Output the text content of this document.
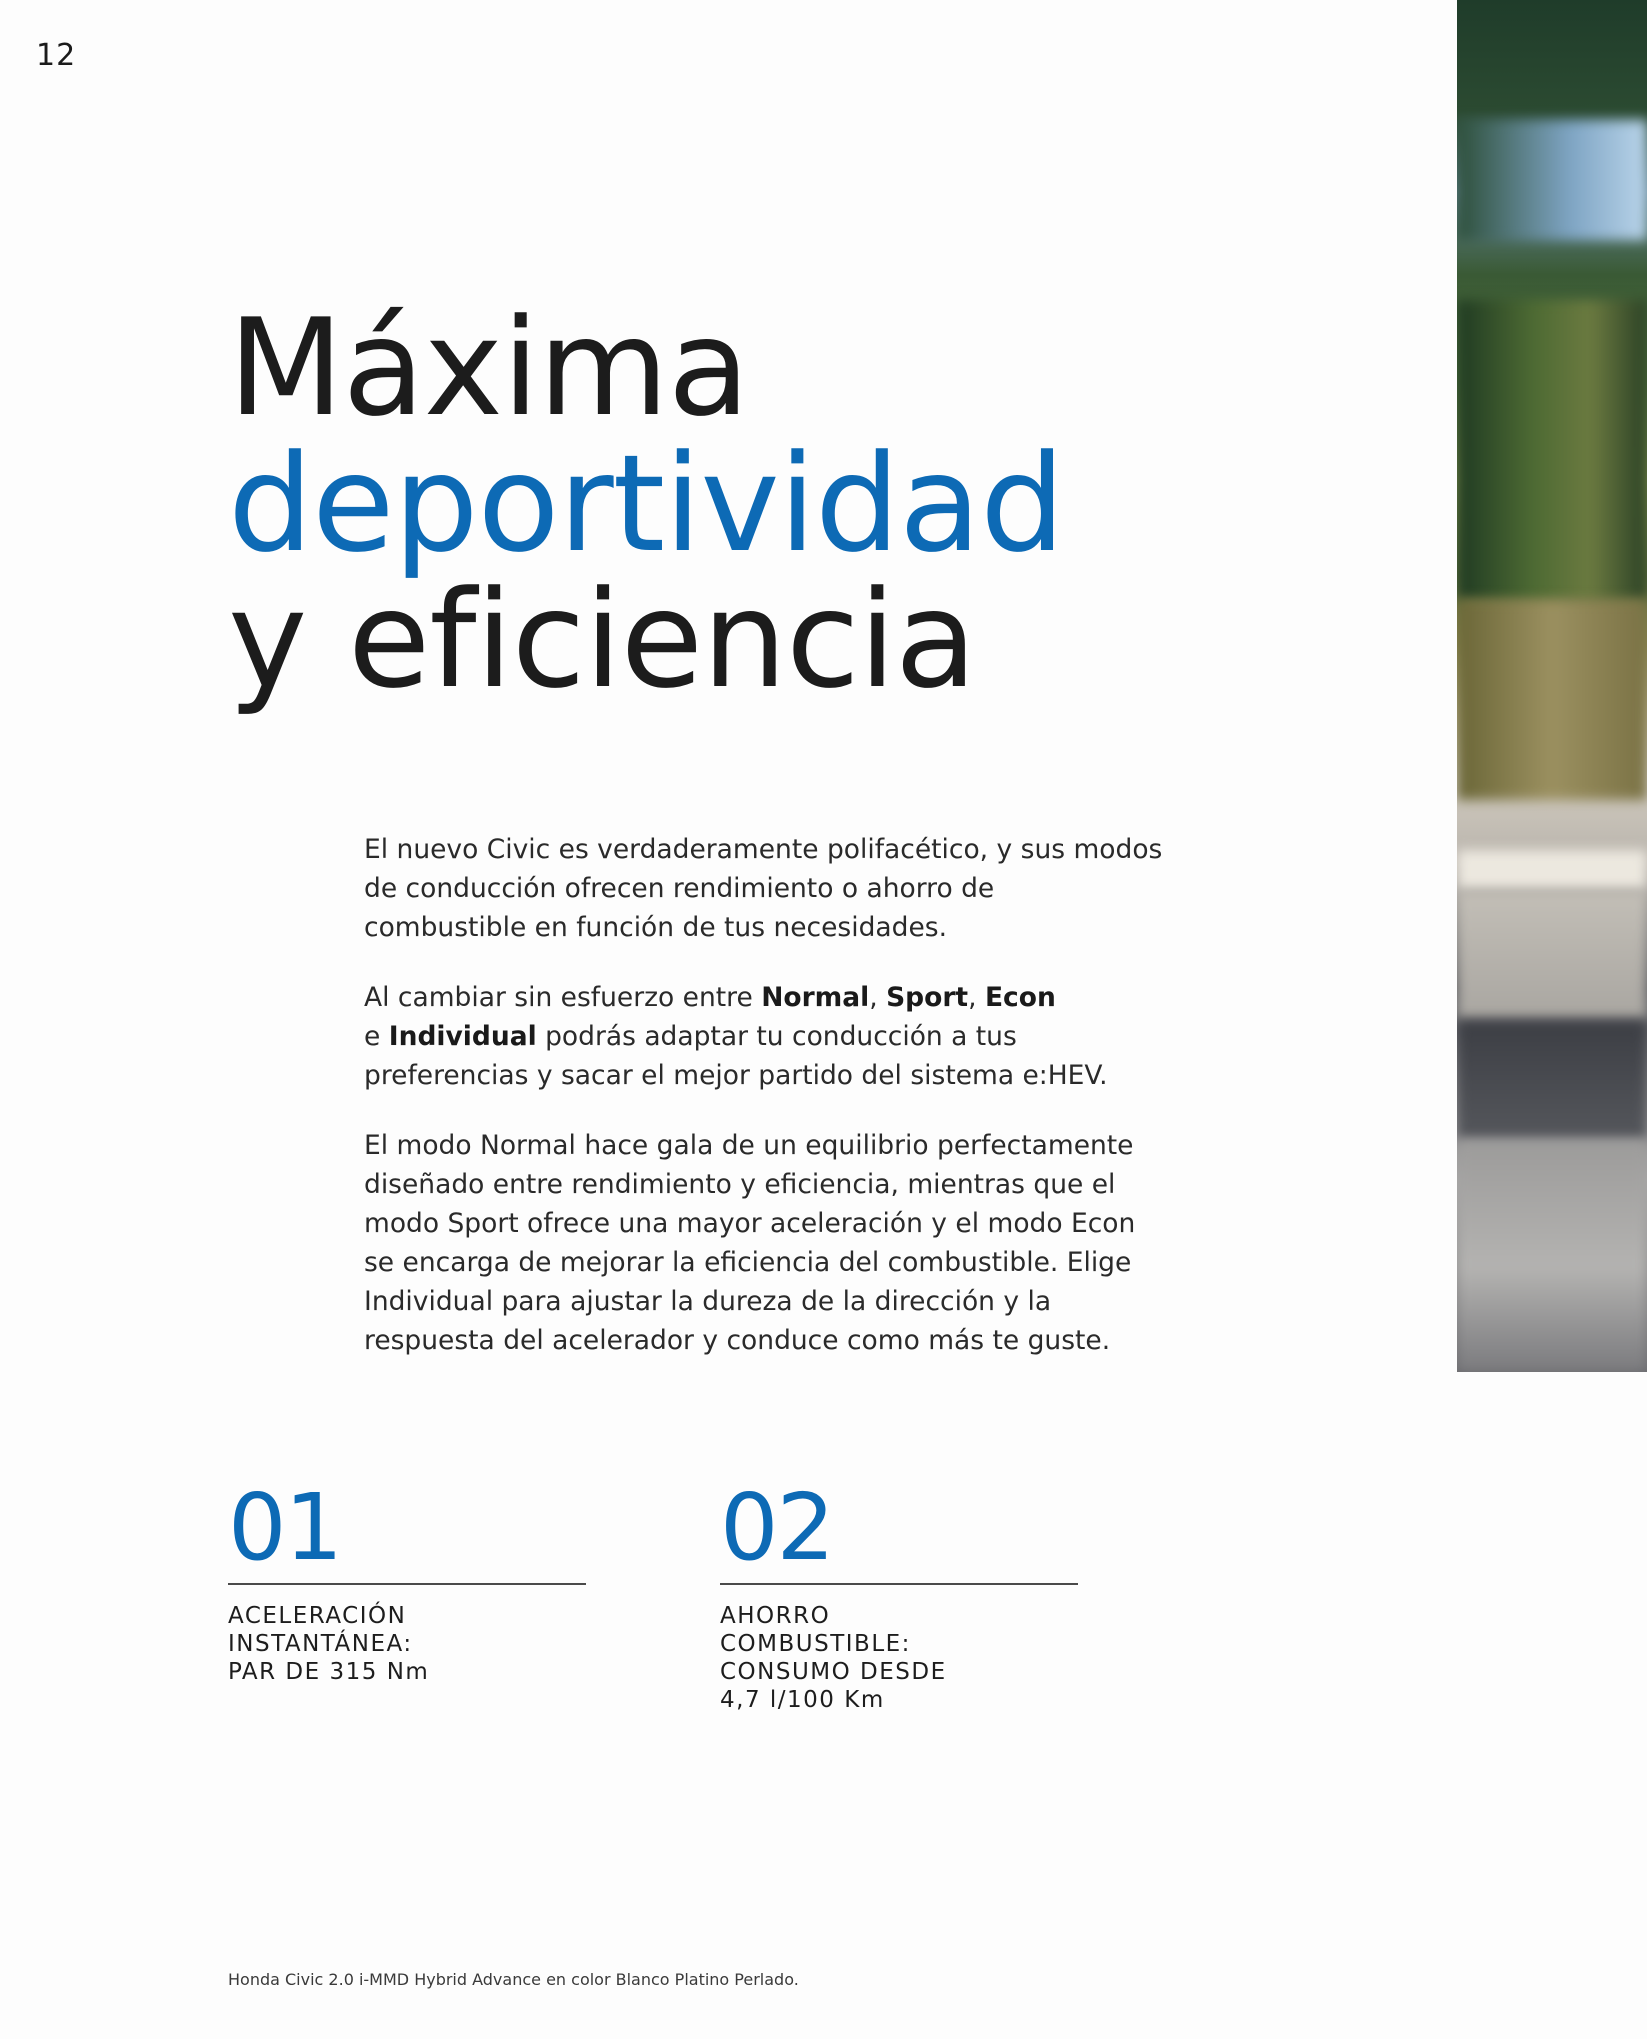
12
Máxima
deportividad
y eficiencia

El nuevo Civic es verdaderamente polifacético, y sus modos de conducción ofrecen rendimiento o ahorro de combustible en función de tus necesidades.

Al cambiar sin esfuerzo entre Normal, Sport, Econ
e Individual podrás adaptar tu conducción a tus preferencias y sacar el mejor partido del sistema e:HEV.

El modo Normal hace gala de un equilibrio perfectamente diseñado entre rendimiento y eficiencia, mientras que el modo Sport ofrece una mayor aceleración y el modo Econ se encarga de mejorar la eficiencia del combustible. Elige Individual para ajustar la dureza de la dirección y la respuesta del acelerador y conduce como más te guste.

01
ACELERACIÓN
INSTANTÁNEA:
PAR DE 315 Nm
02
AHORRO
COMBUSTIBLE:
CONSUMO DESDE
4,7 l/100 Km
Honda Civic 2.0 i-MMD Hybrid Advance en color Blanco Platino Perlado.
